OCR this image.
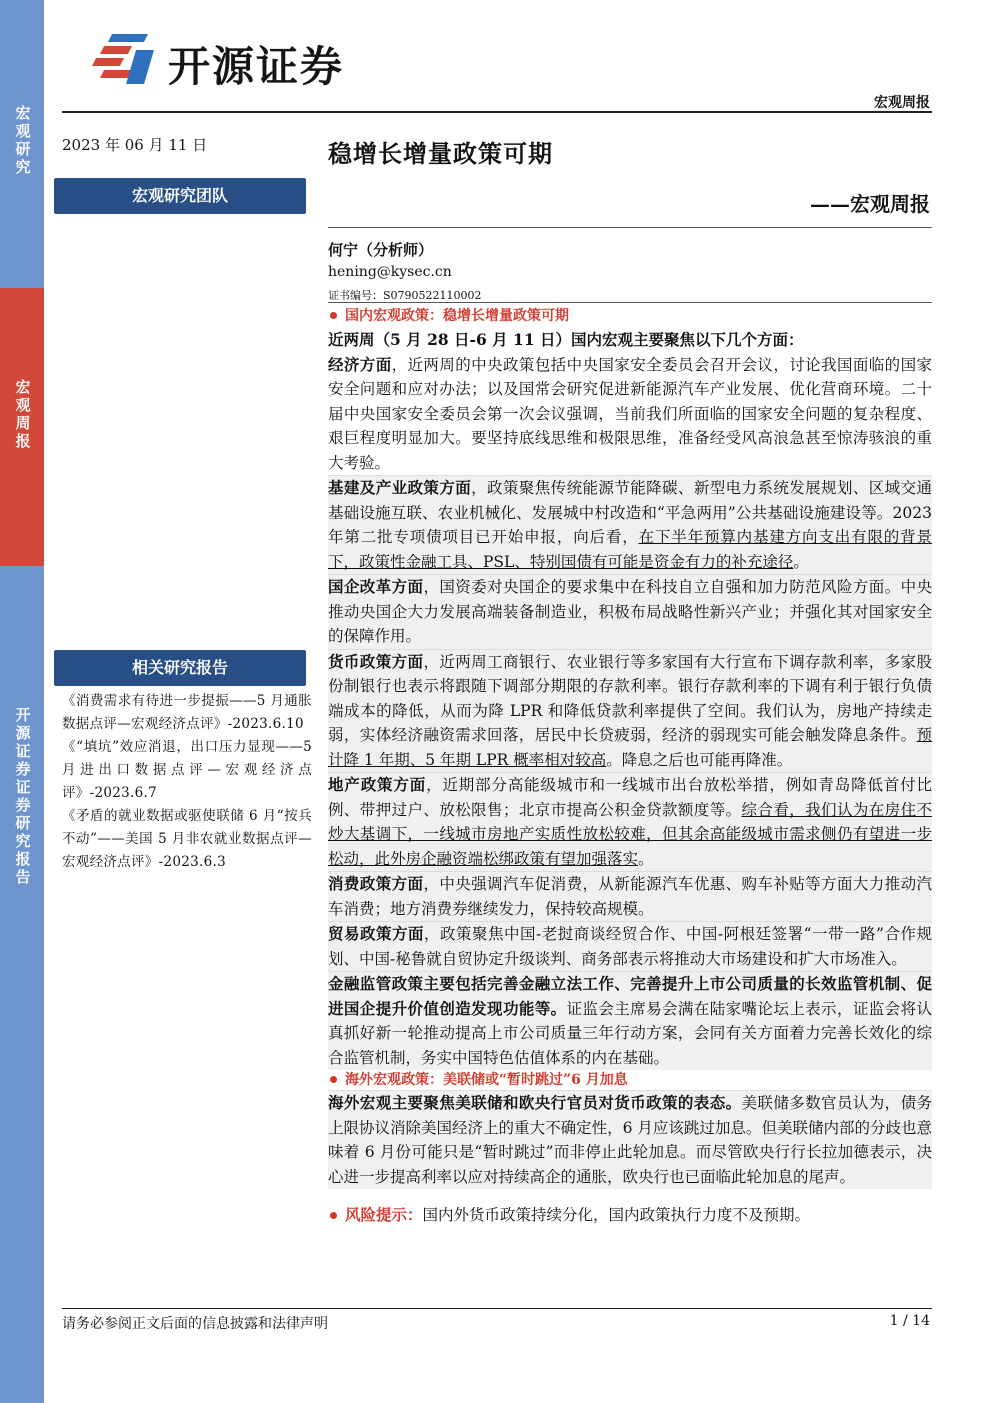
宏观研究
宏观周报
开源证券证券研究报告
开源证券
宏观周报
2023 年 06 月 11 日	稳增长增量政策可期
——宏观周报
宏观研究团队
何宁（分析师）
hening@kysec.cn
证书编号：S0790522110002
相关研究报告

《消费需求有待进一步提振——5 月通胀数据点评—宏观经济点评》-2023.6.10

《“填坑”效应消退，出口压力显现——5 月进出口数据点评—宏观经济点评》-2023.6.7

《矛盾的就业数据或驱使联储 6 月“按兵不动”——美国 5 月非农就业数据点评—宏观经济点评》-2023.6.3

国内宏观政策：稳增长增量政策可期

近两周（5 月 28 日-6 月 11 日）国内宏观主要聚焦以下几个方面：

经济方面，近两周的中央政策包括中央国家安全委员会召开会议，讨论我国面临的国家安全问题和应对办法；以及国常会研究促进新能源汽车产业发展、优化营商环境。二十届中央国家安全委员会第一次会议强调，当前我们所面临的国家安全问题的复杂程度、艰巨程度明显加大。要坚持底线思维和极限思维，准备经受风高浪急甚至惊涛骇浪的重大考验。

基建及产业政策方面，政策聚焦传统能源节能降碳、新型电力系统发展规划、区域交通基础设施互联、农业机械化、发展城中村改造和“平急两用”公共基础设施建设等。2023 年第二批专项债项目已开始申报，向后看，在下半年预算内基建方向支出有限的背景下，政策性金融工具、PSL、特别国债有可能是资金有力的补充途径。

国企改革方面，国资委对央国企的要求集中在科技自立自强和加力防范风险方面。中央推动央国企大力发展高端装备制造业，积极布局战略性新兴产业；并强化其对国家安全的保障作用。

货币政策方面，近两周工商银行、农业银行等多家国有大行宣布下调存款利率，多家股份制银行也表示将跟随下调部分期限的存款利率。银行存款利率的下调有利于银行负债端成本的降低，从而为降 LPR 和降低贷款利率提供了空间。我们认为，房地产持续走弱，实体经济融资需求回落，居民中长贷疲弱，经济的弱现实可能会触发降息条件。预计降 1 年期、5 年期 LPR 概率相对较高。降息之后也可能再降准。

地产政策方面，近期部分高能级城市和一线城市出台放松举措，例如青岛降低首付比例、带押过户、放松限售；北京市提高公积金贷款额度等。综合看，我们认为在房住不炒大基调下，一线城市房地产实质性放松较难，但其余高能级城市需求侧仍有望进一步松动，此外房企融资端松绑政策有望加强落实。

消费政策方面，中央强调汽车促消费，从新能源汽车优惠、购车补贴等方面大力推动汽车消费；地方消费券继续发力，保持较高规模。

贸易政策方面，政策聚焦中国-老挝商谈经贸合作、中国-阿根廷签署“一带一路”合作规划、中国-秘鲁就自贸协定升级谈判、商务部表示将推动大市场建设和扩大市场准入。

金融监管政策主要包括完善金融立法工作、完善提升上市公司质量的长效监管机制、促进国企提升价值创造发现功能等。证监会主席易会满在陆家嘴论坛上表示，证监会将认真抓好新一轮推动提高上市公司质量三年行动方案，会同有关方面着力完善长效化的综合监管机制，务实中国特色估值体系的内在基础。

海外宏观政策：美联储或“暂时跳过”6 月加息

海外宏观主要聚焦美联储和欧央行官员对货币政策的表态。美联储多数官员认为，债务上限协议消除美国经济上的重大不确定性，6 月应该跳过加息。但美联储内部的分歧也意味着 6 月份可能只是“暂时跳过”而非停止此轮加息。而尽管欧央行行长拉加德表示，决心进一步提高利率以应对持续高企的通胀，欧央行也已面临此轮加息的尾声。

风险提示：国内外货币政策持续分化，国内政策执行力度不及预期。

请务必参阅正文后面的信息披露和法律声明	1 / 14
